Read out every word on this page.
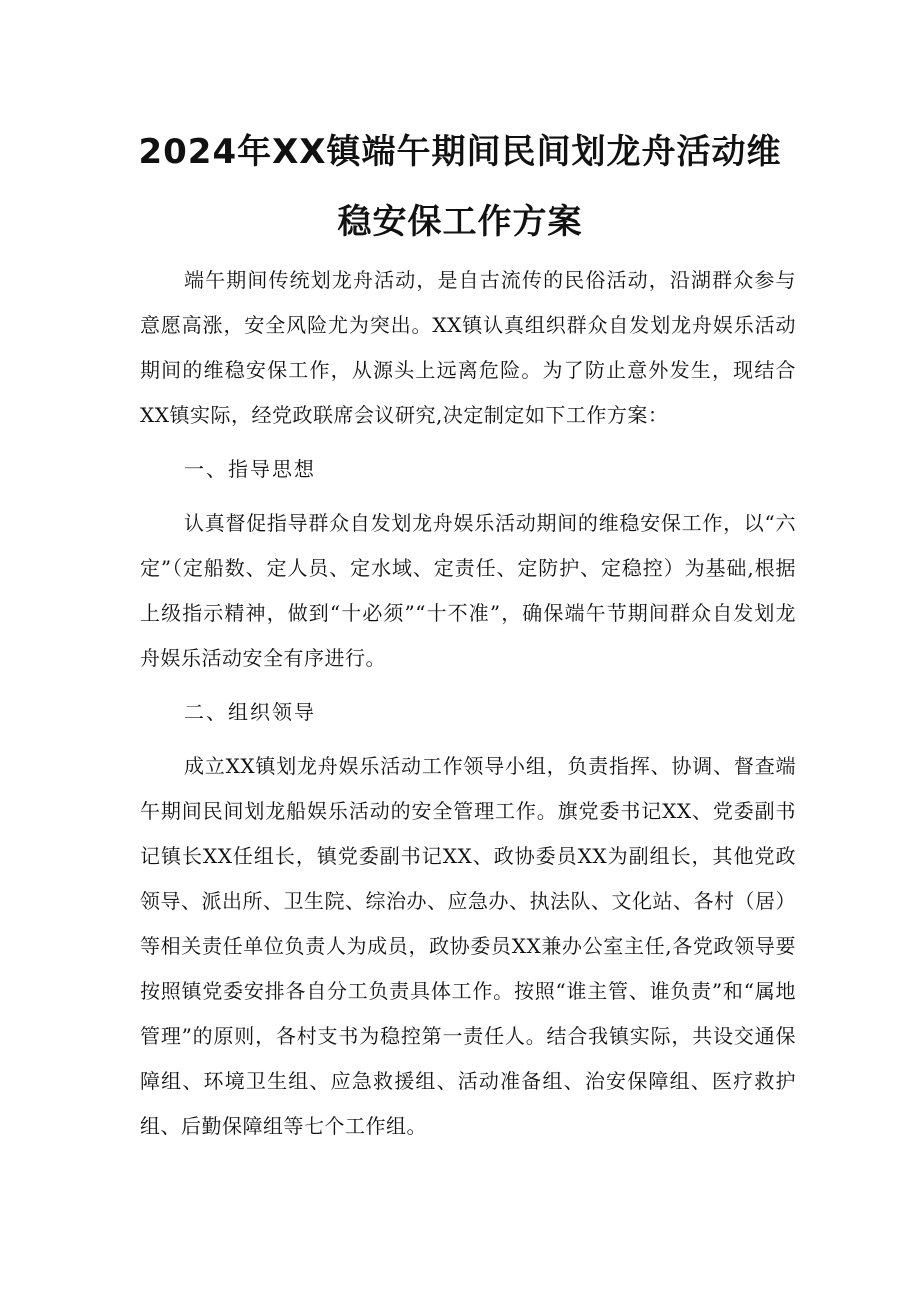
2024年XX镇端午期间民间划龙舟活动维
稳安保工作方案

端午期间传统划龙舟活动，是自古流传的民俗活动，沿湖群众参与意愿高涨，安全风险尤为突出。XX镇认真组织群众自发划龙舟娱乐活动期间的维稳安保工作，从源头上远离危险。为了防止意外发生，现结合XX镇实际，经党政联席会议研究,决定制定如下工作方案：

一、指导思想

认真督促指导群众自发划龙舟娱乐活动期间的维稳安保工作，以“六定”（定船数、定人员、定水域、定责任、定防护、定稳控）为基础,根据上级指示精神，做到“十必须”“十不准”，确保端午节期间群众自发划龙舟娱乐活动安全有序进行。

二、组织领导

成立XX镇划龙舟娱乐活动工作领导小组，负责指挥、协调、督查端午期间民间划龙船娱乐活动的安全管理工作。旗党委书记XX、党委副书记镇长XX任组长，镇党委副书记XX、政协委员XX为副组长，其他党政领导、派出所、卫生院、综治办、应急办、执法队、文化站、各村（居）等相关责任单位负责人为成员，政协委员XX兼办公室主任,各党政领导要按照镇党委安排各自分工负责具体工作。按照“谁主管、谁负责”和“属地管理”的原则，各村支书为稳控第一责任人。结合我镇实际，共设交通保障组、环境卫生组、应急救援组、活动准备组、治安保障组、医疗救护组、后勤保障组等七个工作组。
